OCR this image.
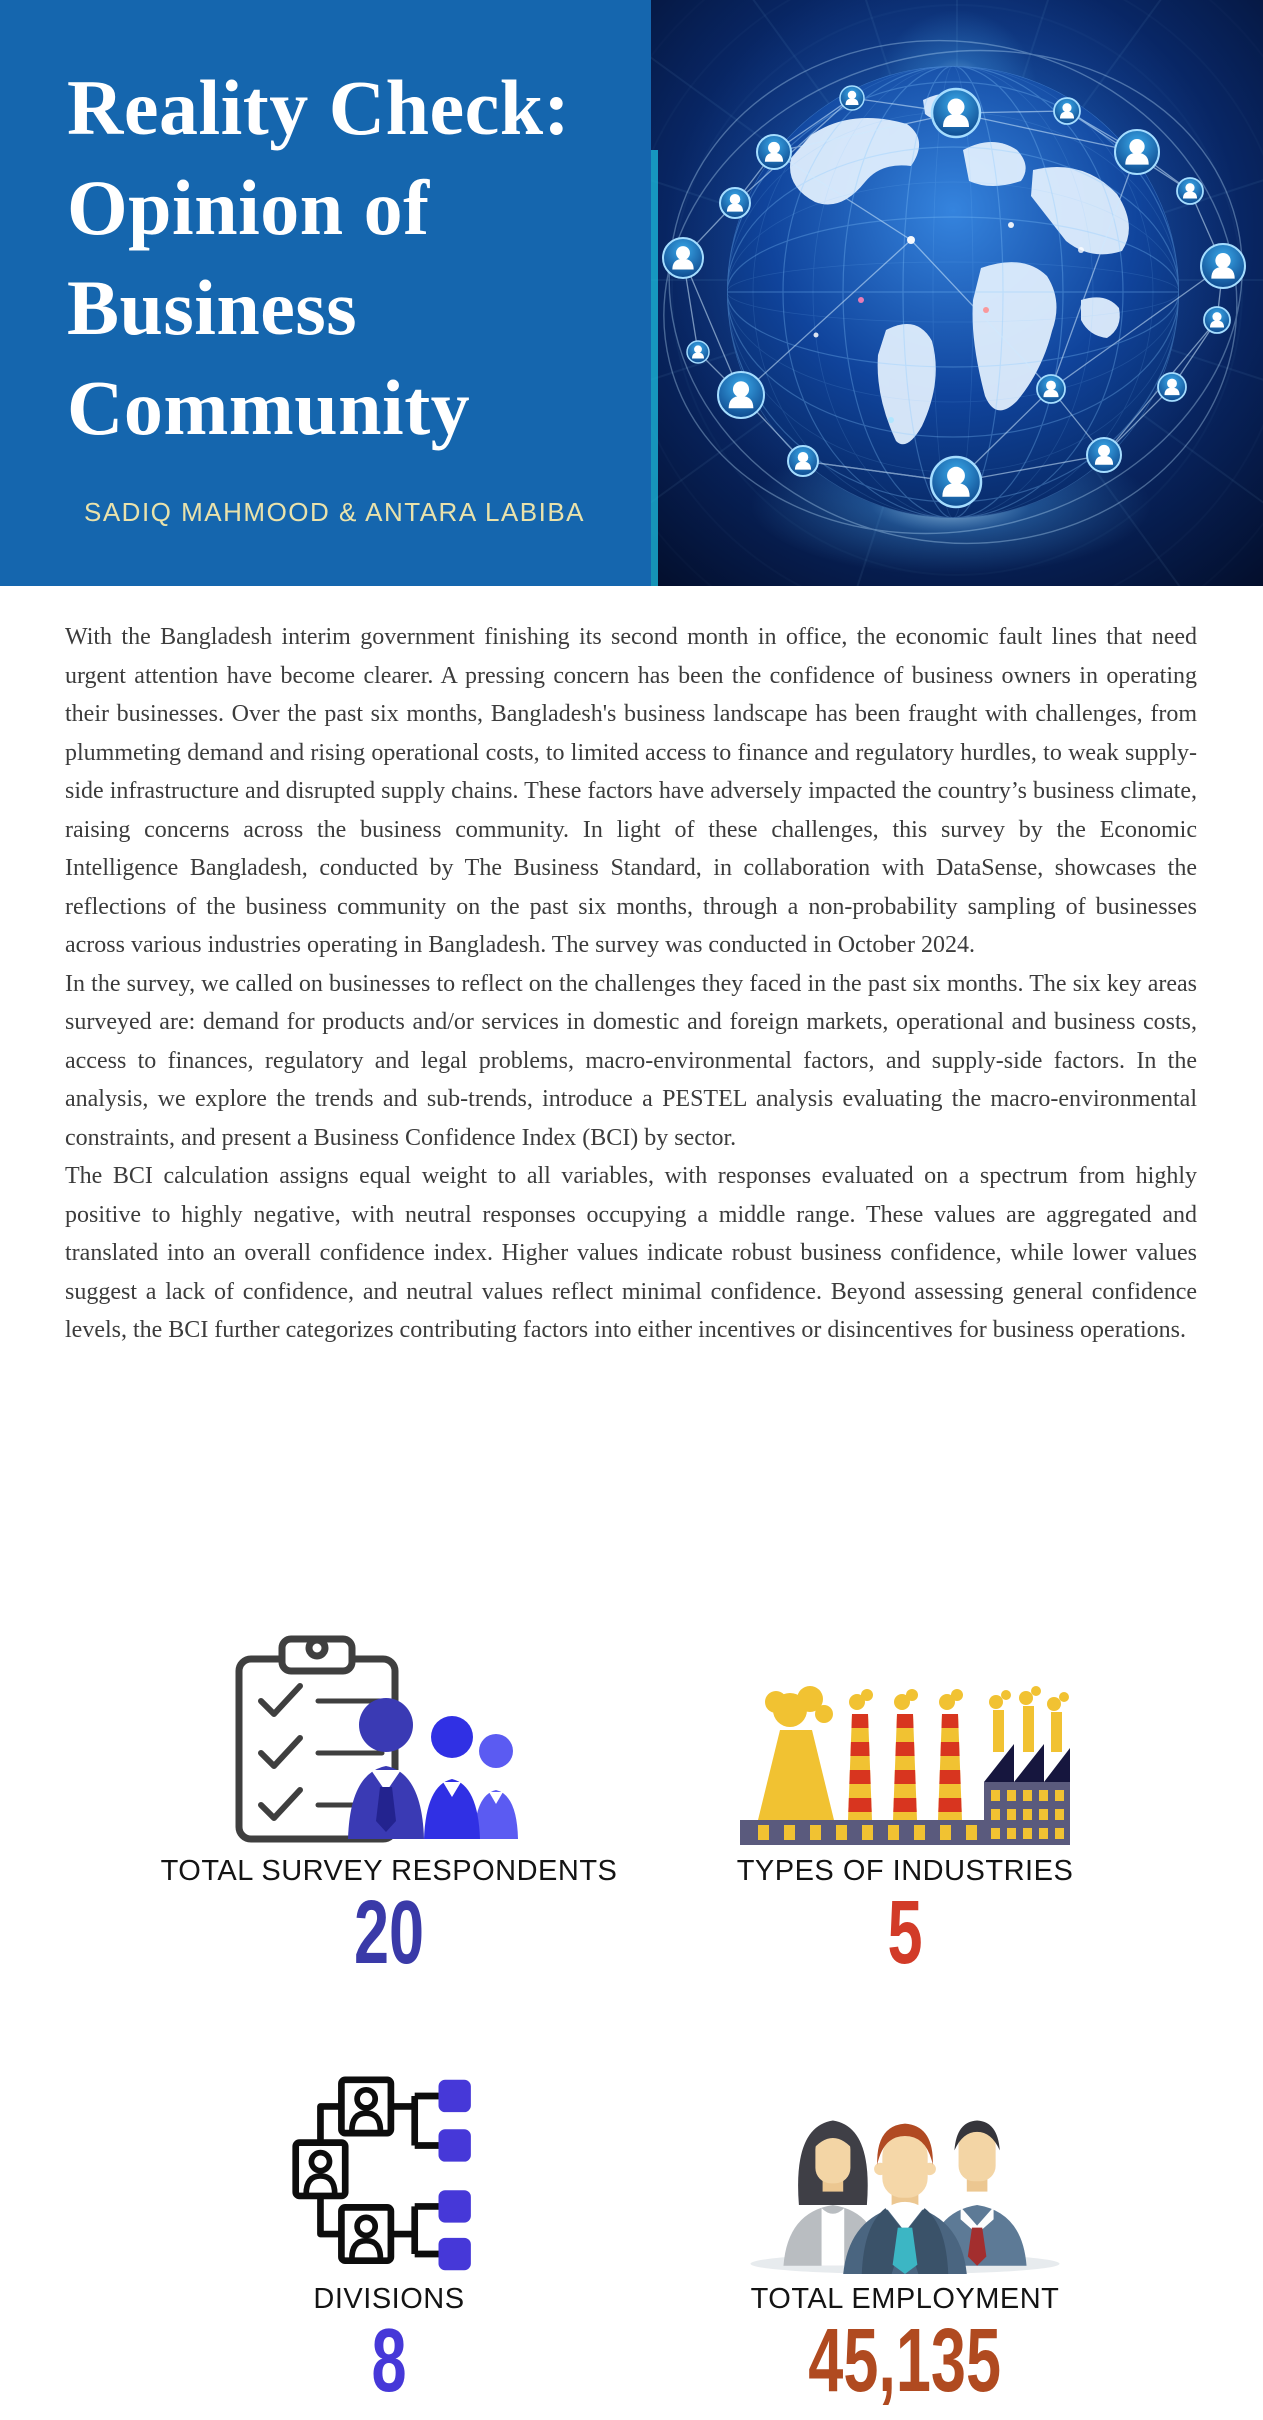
Reality Check:
Opinion of
Business
Community
SADIQ MAHMOOD & ANTARA LABIBA

With the Bangladesh interim government finishing its second month in office, the economic fault lines that need urgent attention have become clearer. A pressing concern has been the confidence of business owners in operating their businesses. Over the past six months, Bangladesh's business landscape has been fraught with challenges, from plummeting demand and rising operational costs, to limited access to finance and regulatory hurdles, to weak supply-side infrastructure and disrupted supply chains. These factors have adversely impacted the country’s business climate, raising concerns across the business community. In light of these challenges, this survey by the Economic Intelligence Bangladesh, conducted by The Business Standard, in collaboration with DataSense, showcases the reflections of the business community on the past six months, through a non-probability sampling of businesses across various industries operating in Bangladesh. The survey was conducted in October 2024.

In the survey, we called on businesses to reflect on the challenges they faced in the past six months. The six key areas surveyed are: demand for products and/or services in domestic and foreign markets, operational and business costs, access to finances, regulatory and legal problems, macro-environmental factors, and supply-side factors. In the analysis, we explore the trends and sub-trends, introduce a PESTEL analysis evaluating the macro-environmental constraints, and present a Business Confidence Index (BCI) by sector.

The BCI calculation assigns equal weight to all variables, with responses evaluated on a spectrum from highly positive to highly negative, with neutral responses occupying a middle range. These values are aggregated and translated into an overall confidence index. Higher values indicate robust business confidence, while lower values suggest a lack of confidence, and neutral values reflect minimal confidence. Beyond assessing general confidence levels, the BCI further categorizes contributing factors into either incentives or disincentives for business operations.

TOTAL SURVEY RESPONDENTS
20
TYPES OF INDUSTRIES
5
DIVISIONS
8
TOTAL EMPLOYMENT
45,135
